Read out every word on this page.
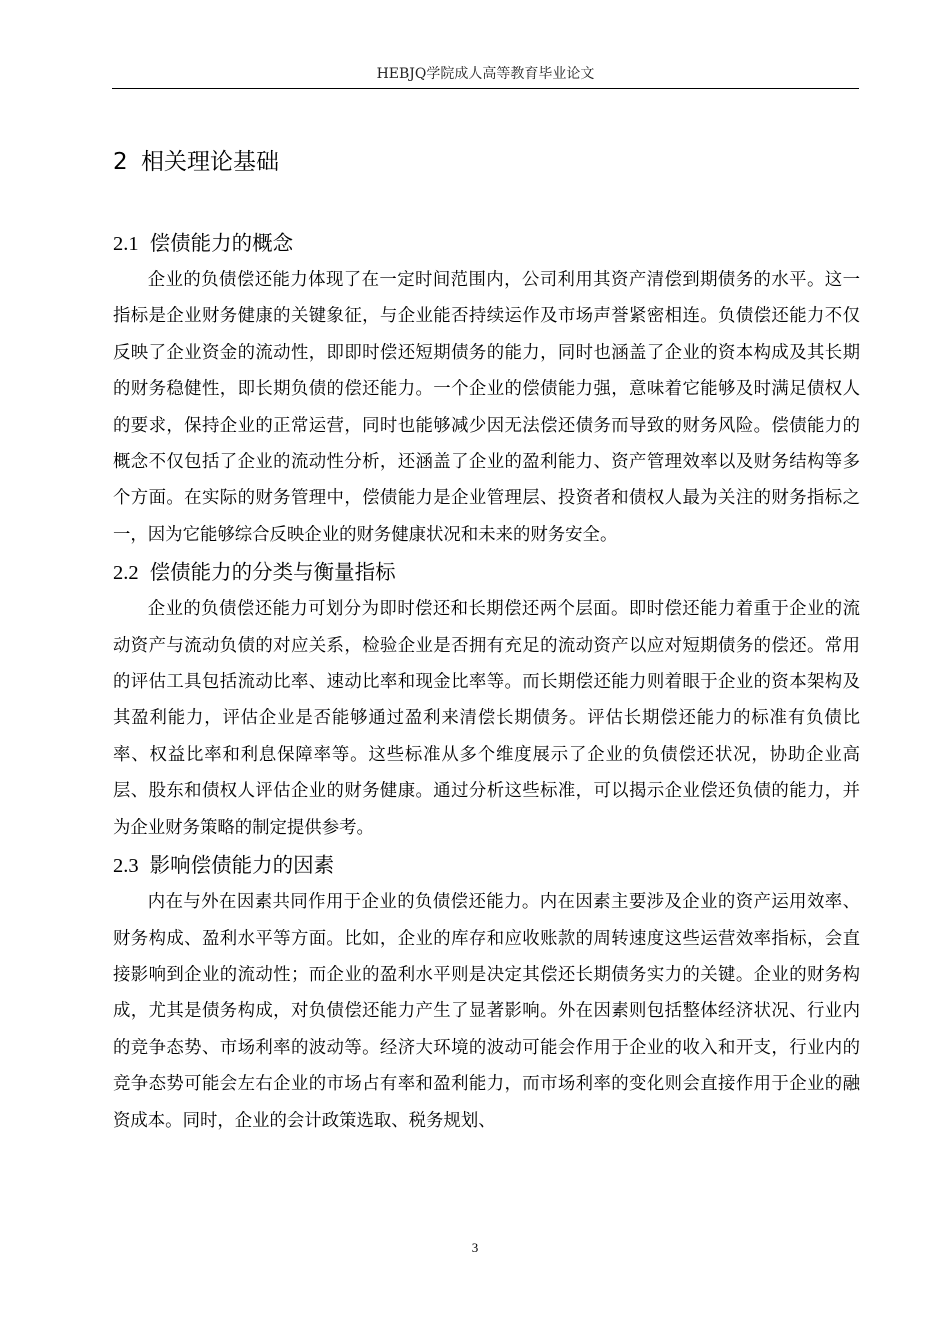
HEBJQ学院成人高等教育毕业论文
2 相关理论基础
2.1 偿债能力的概念

企业的负债偿还能力体现了在一定时间范围内，公司利用其资产清偿到期债务的水平。这一指标是企业财务健康的关键象征，与企业能否持续运作及市场声誉紧密相连。负债偿还能力不仅反映了企业资金的流动性，即即时偿还短期债务的能力，同时也涵盖了企业的资本构成及其长期的财务稳健性，即长期负债的偿还能力。一个企业的偿债能力强，意味着它能够及时满足债权人的要求，保持企业的正常运营，同时也能够减少因无法偿还债务而导致的财务风险。偿债能力的概念不仅包括了企业的流动性分析，还涵盖了企业的盈利能力、资产管理效率以及财务结构等多个方面。在实际的财务管理中，偿债能力是企业管理层、投资者和债权人最为关注的财务指标之一，因为它能够综合反映企业的财务健康状况和未来的财务安全。

2.2 偿债能力的分类与衡量指标

企业的负债偿还能力可划分为即时偿还和长期偿还两个层面。即时偿还能力着重于企业的流动资产与流动负债的对应关系，检验企业是否拥有充足的流动资产以应对短期债务的偿还。常用的评估工具包括流动比率、速动比率和现金比率等。而长期偿还能力则着眼于企业的资本架构及其盈利能力，评估企业是否能够通过盈利来清偿长期债务。评估长期偿还能力的标准有负债比率、权益比率和利息保障率等。这些标准从多个维度展示了企业的负债偿还状况，协助企业高层、股东和债权人评估企业的财务健康。通过分析这些标准，可以揭示企业偿还负债的能力，并为企业财务策略的制定提供参考。

2.3 影响偿债能力的因素

内在与外在因素共同作用于企业的负债偿还能力。内在因素主要涉及企业的资产运用效率、财务构成、盈利水平等方面。比如，企业的库存和应收账款的周转速度这些运营效率指标，会直接影响到企业的流动性；而企业的盈利水平则是决定其偿还长期债务实力的关键。企业的财务构成，尤其是债务构成，对负债偿还能力产生了显著影响。外在因素则包括整体经济状况、行业内的竞争态势、市场利率的波动等。经济大环境的波动可能会作用于企业的收入和开支，行业内的竞争态势可能会左右企业的市场占有率和盈利能力，而市场利率的变化则会直接作用于企业的融资成本。同时，企业的会计政策选取、税务规划、

3
